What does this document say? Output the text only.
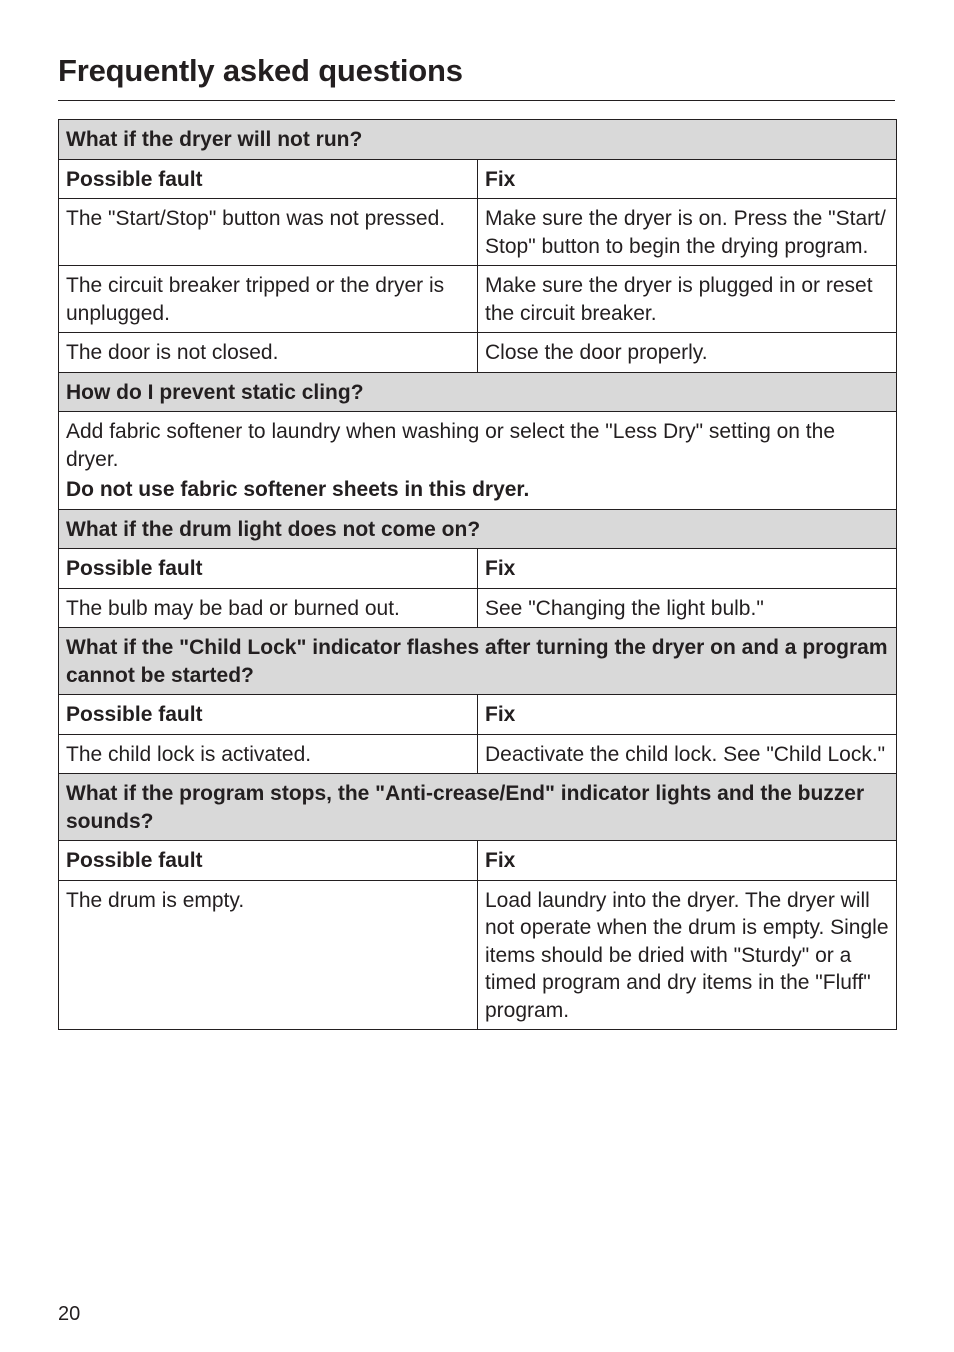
Frequently asked questions
What if the dryer will not run?	
Possible fault	Fix
The "Start/Stop" button was not pressed.	Make sure the dryer is on. Press the "Start/ Stop" button to begin the drying program.
The circuit breaker tripped or the dryer is unplugged.	Make sure the dryer is plugged in or reset the circuit breaker.
The door is not closed.	Close the door properly.
How do I prevent static cling?	
Add fabric softener to laundry when washing or select the "Less Dry" setting on the dryer.
Do not use fabric softener sheets in this dryer.	

What if the drum light does not come on?	
Possible fault	Fix
The bulb may be bad or burned out.	See "Changing the light bulb."
What if the "Child Lock" indicator flashes after turning the dryer on and a program cannot be started?	
Possible fault	Fix
The child lock is activated.	Deactivate the child lock. See "Child Lock."
What if the program stops, the "Anti-crease/End" indicator lights and the buzzer sounds?	
Possible fault	Fix
The drum is empty.	Load laundry into the dryer. The dryer will not operate when the drum is empty. Single items should be dried with "Sturdy" or a timed program and dry items in the "Fluff" program.
20
